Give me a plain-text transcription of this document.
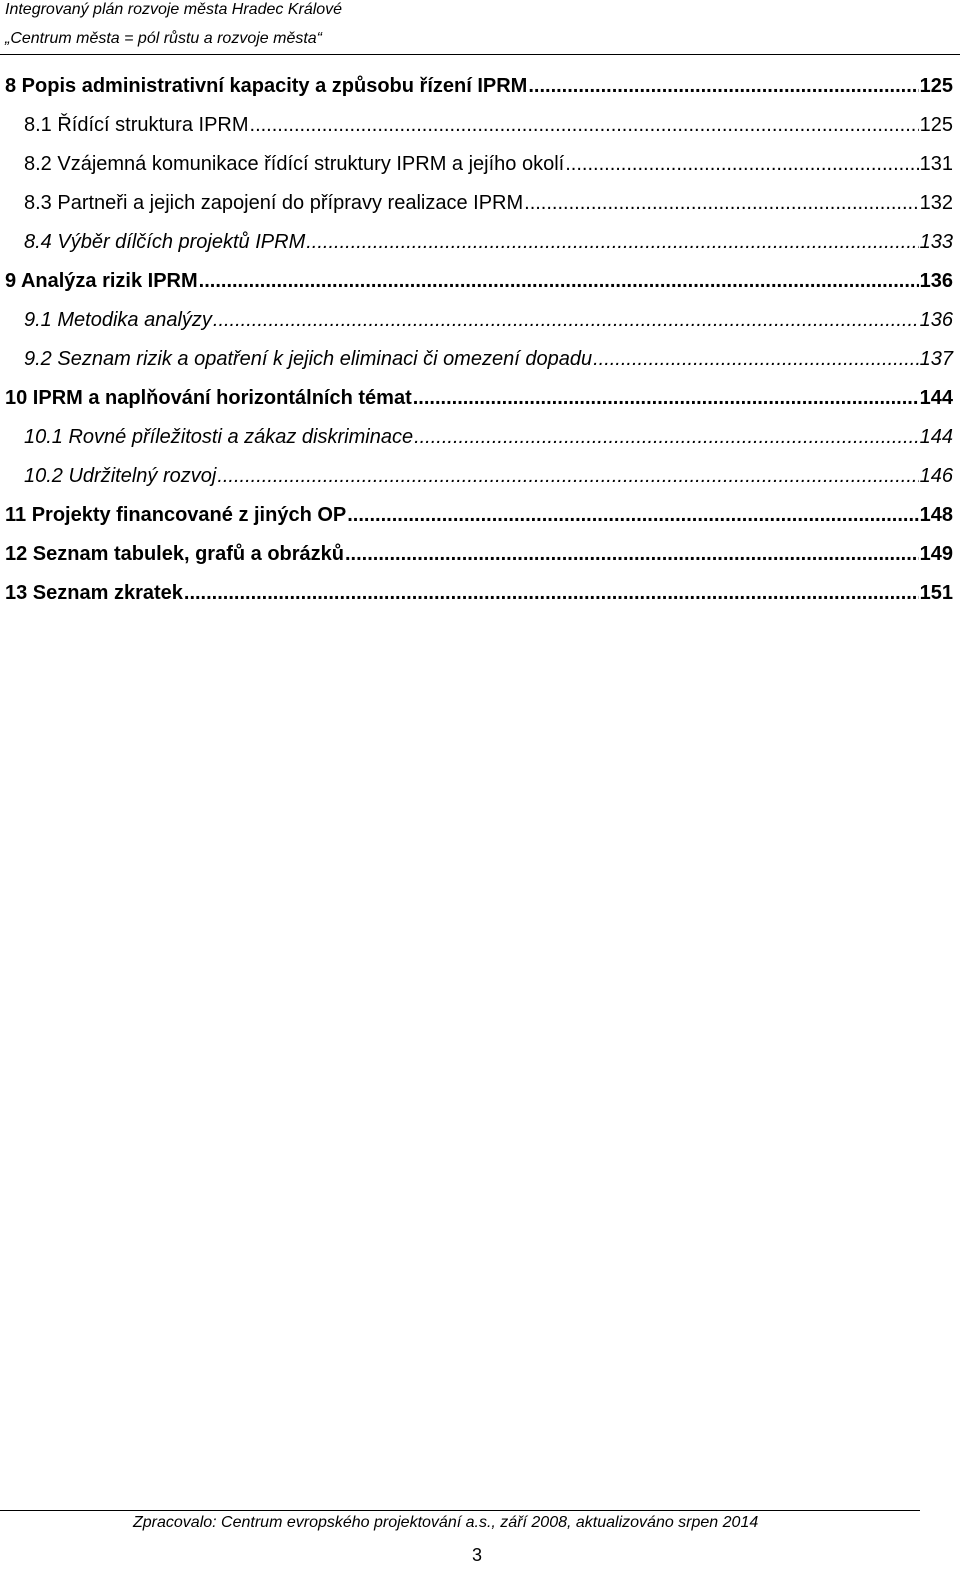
Integrovaný plán rozvoje města Hradec Králové
„Centrum města = pól růstu a rozvoje města“
8 Popis administrativní kapacity a způsobu řízení IPRM .....	125
8.1 Řídící struktura IPRM .....	125
8.2 Vzájemná komunikace řídící struktury IPRM a jejího okolí .....	131
8.3 Partneři a jejich zapojení do přípravy realizace IPRM .....	132
8.4 Výběr dílčích projektů IPRM .....	133
9 Analýza rizik IPRM .....	136
9.1 Metodika analýzy .....	136
9.2 Seznam rizik a opatření k jejich eliminaci či omezení dopadu .....	137
10 IPRM a naplňování horizontálních témat .....	144
10.1 Rovné příležitosti a zákaz diskriminace .....	144
10.2 Udržitelný rozvoj .....	146
11 Projekty financované z jiných OP .....	148
12 Seznam tabulek, grafů a obrázků .....	149
13 Seznam zkratek .....	151
Zpracovalo: Centrum evropského projektování a.s., září 2008, aktualizováno srpen 2014
3
